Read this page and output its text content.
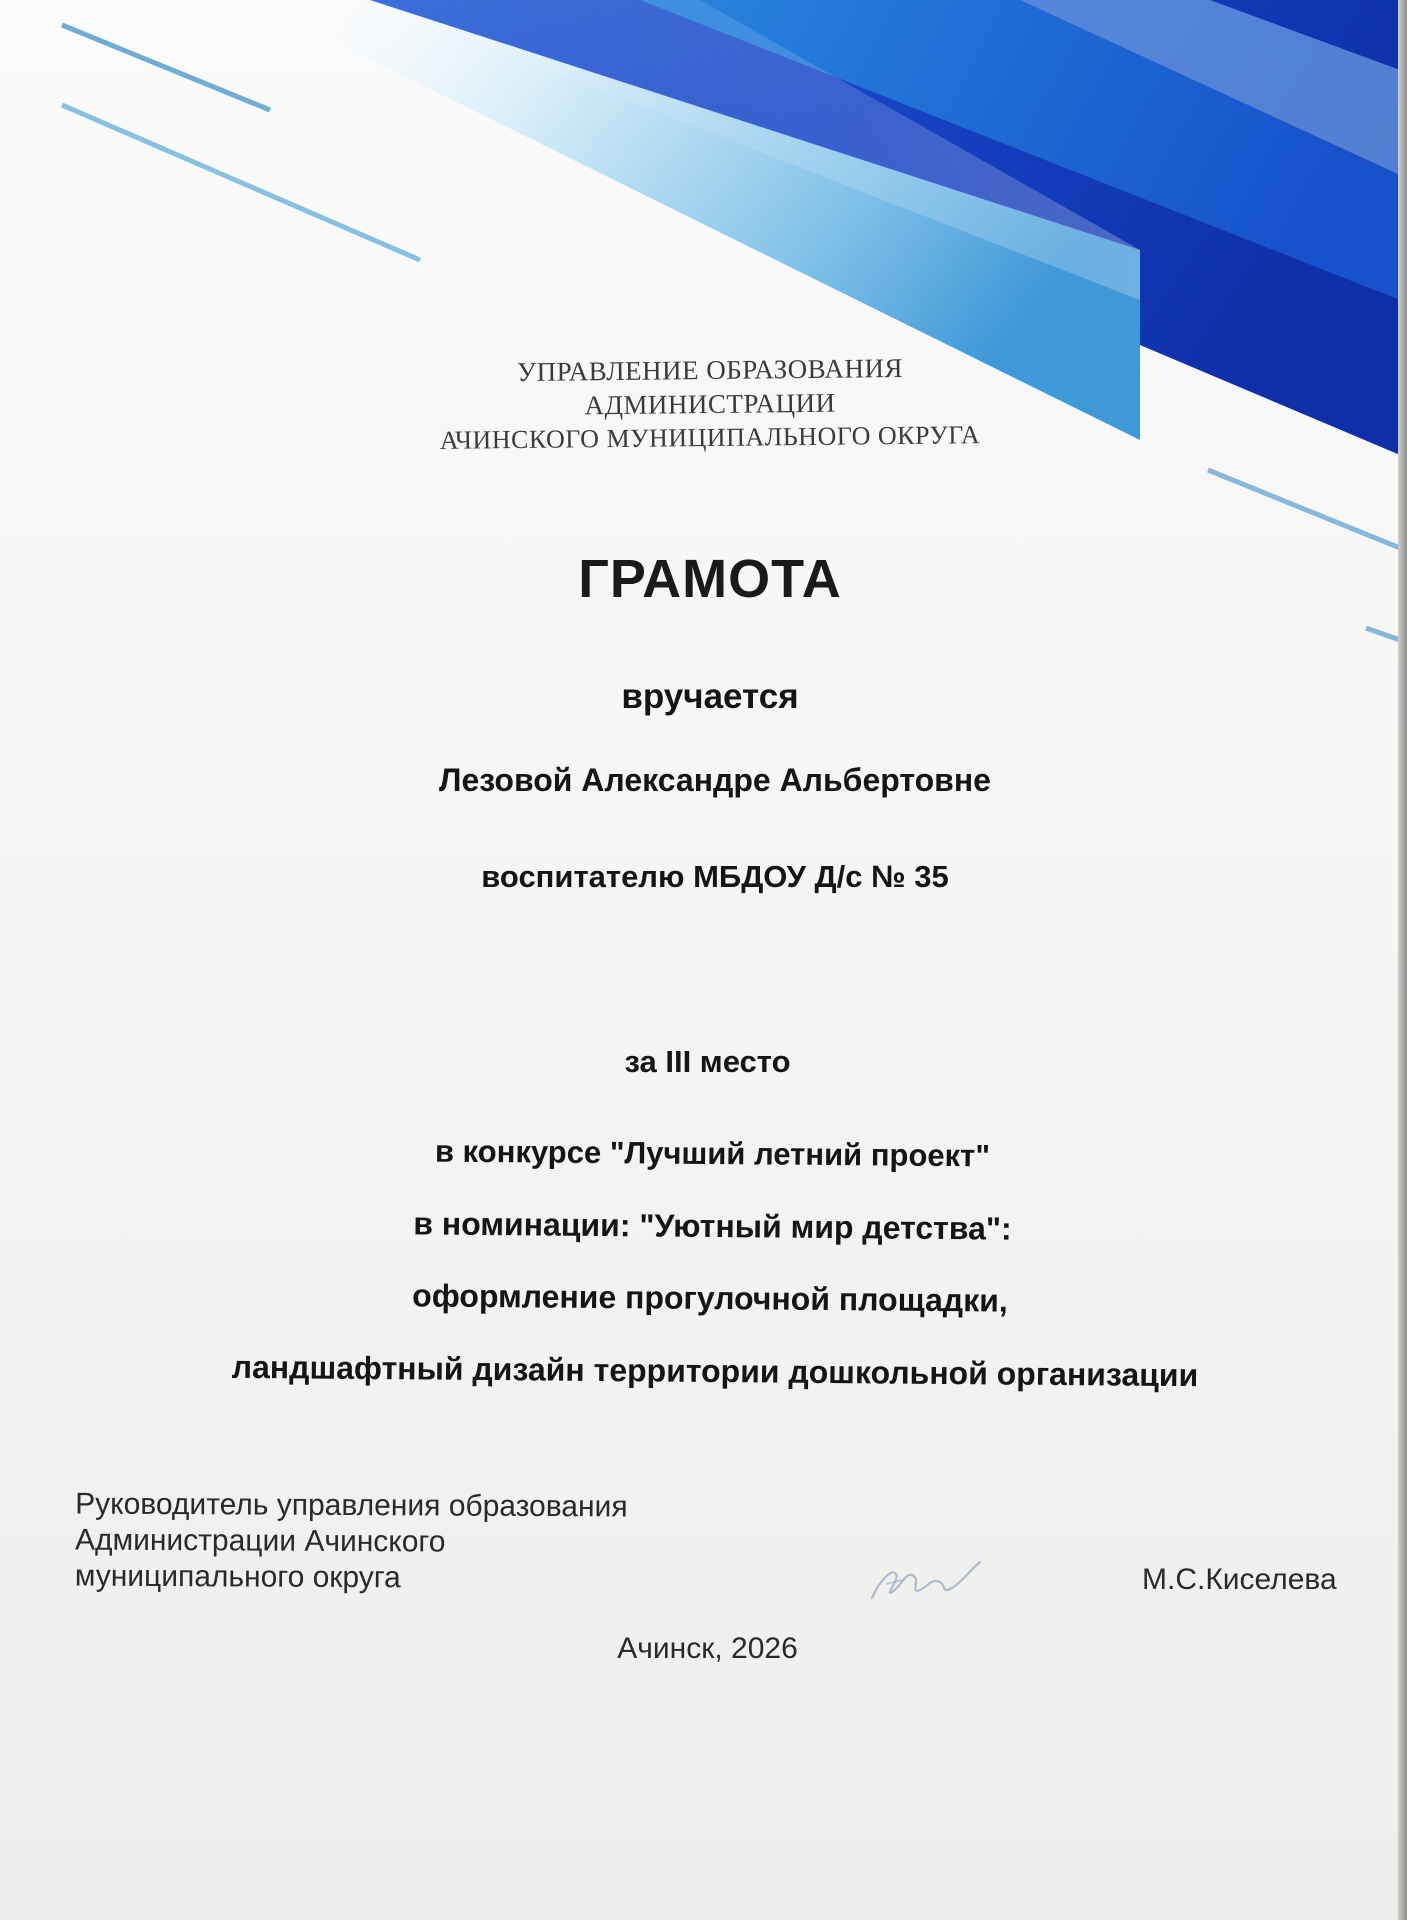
УПРАВЛЕНИЕ ОБРАЗОВАНИЯ
АДМИНИСТРАЦИИ
АЧИНСКОГО МУНИЦИПАЛЬНОГО ОКРУГА
ГРАМОТА
вручается
Лезовой Александре Альбертовне
воспитателю МБДОУ Д/с № 35
за III место
в конкурсе "Лучший летний проект"
в номинации: "Уютный мир детства":
оформление прогулочной площадки,
ландшафтный дизайн территории дошкольной организации
Руководитель управления образования
Администрации Ачинского
муниципального округа	М.С.Киселева
Ачинск, 2026
